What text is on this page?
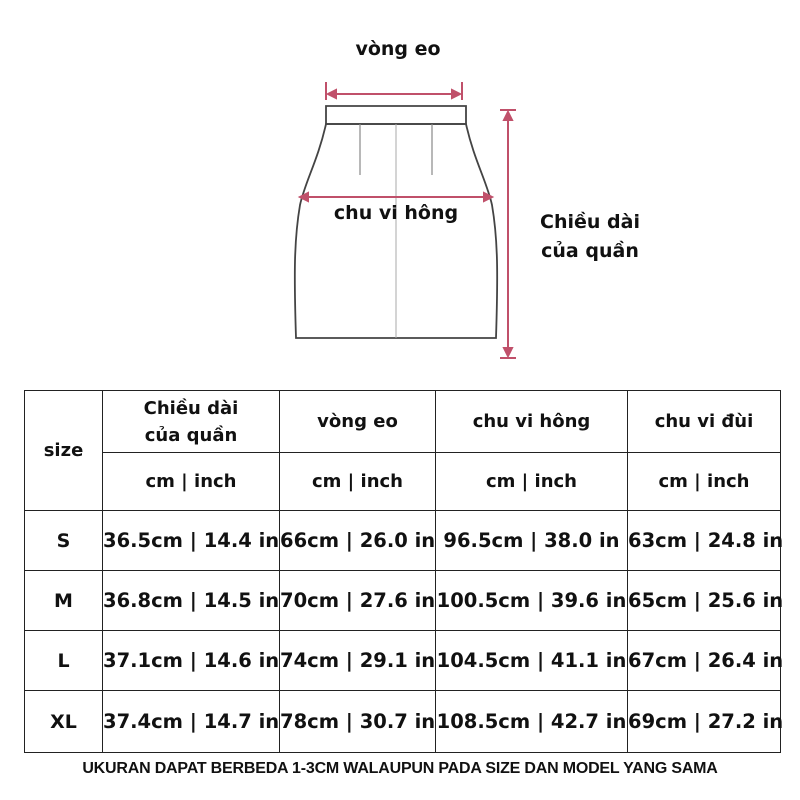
vòng eo
chu vi hông	Chiều dài của quần
size	Chiều dài của quần	vòng eo	chu vi hông	chu vi đùi
	cm | inch	cm | inch	cm | inch	cm | inch
S	36.5cm | 14.4 in	66cm | 26.0 in	96.5cm | 38.0 in	63cm | 24.8 in
M	36.8cm | 14.5 in	70cm | 27.6 in	100.5cm | 39.6 in	65cm | 25.6 in
L	37.1cm | 14.6 in	74cm | 29.1 in	104.5cm | 41.1 in	67cm | 26.4 in
XL	37.4cm | 14.7 in	78cm | 30.7 in	108.5cm | 42.7 in	69cm | 27.2 in
UKURAN DAPAT BERBEDA 1-3CM WALAUPUN PADA SIZE DAN MODEL YANG SAMA
